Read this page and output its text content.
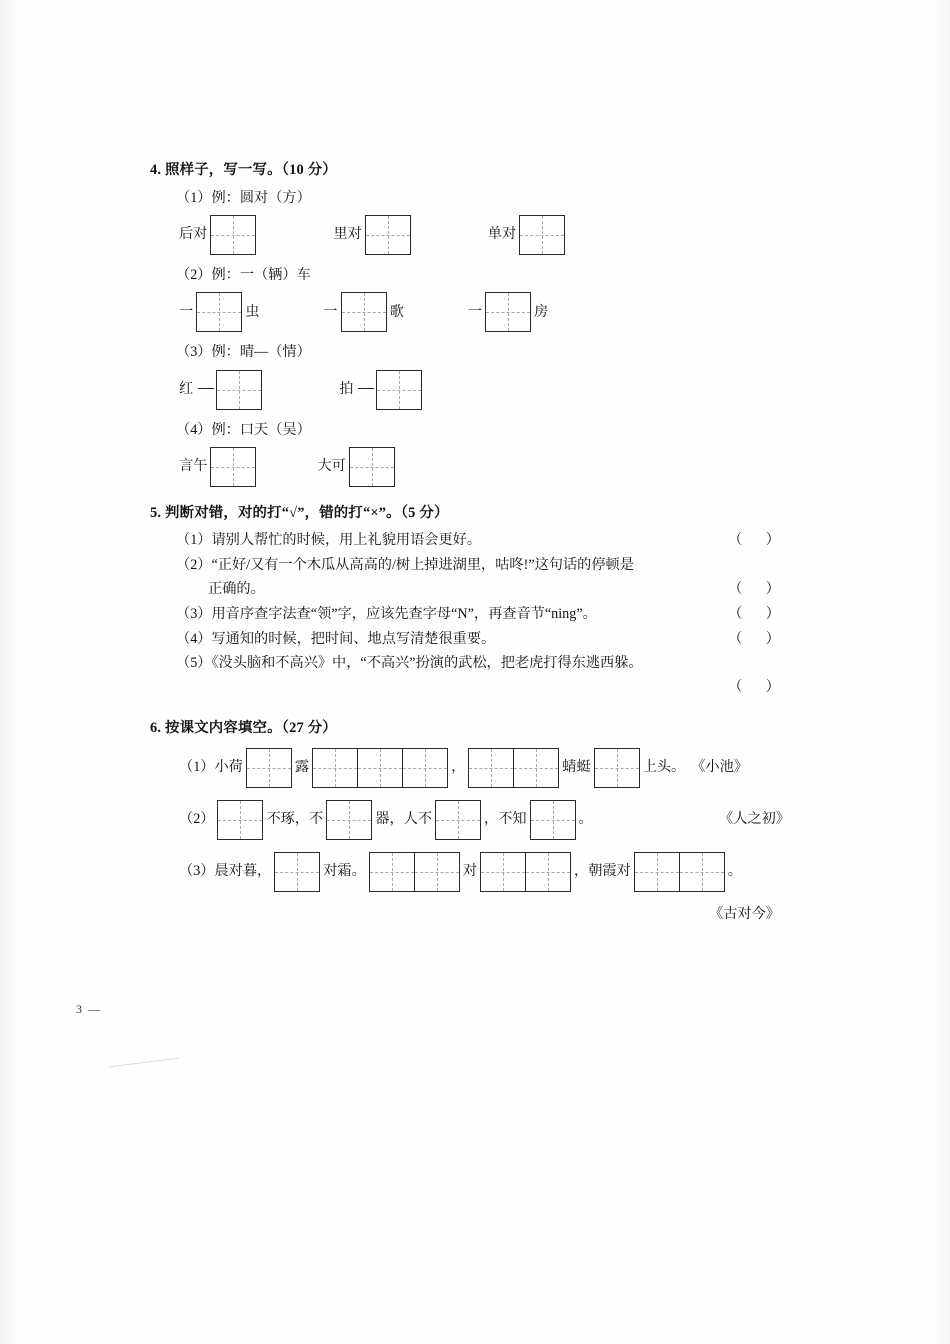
4. 照样子，写一写。（10 分）
（1）例：圆对（方）
后对	里对	单对
（2）例：一（辆）车
一	虫	一	歌	一	房
（3）例：晴—（情）
红	拍
（4）例：口天（吴）
言午	大可
5. 判断对错，对的打“√”，错的打“×”。（5 分）
（1）请别人帮忙的时候，用上礼貌用语会更好。	（ ）
（2）“正好/又有一个木瓜从高高的/树上掉进湖里，咕咚!”这句话的停顿是
正确的。	（ ）
（3）用音序查字法查“领”字，应该先查字母“N”，再查音节“ning”。	（ ）
（4）写通知的时候，把时间、地点写清楚很重要。	（ ）
（5）《没头脑和不高兴》中，“不高兴”扮演的武松，把老虎打得东逃西躲。
（ ）
6. 按课文内容填空。（27 分）
（1）小荷	露	，	蜻蜓	上头。 《小池》
（2）	不琢，不	器，人不	，不知	。	《人之初》
（3）晨对暮，	对霜。	对	，朝霞对	。
《古对今》
3 —
